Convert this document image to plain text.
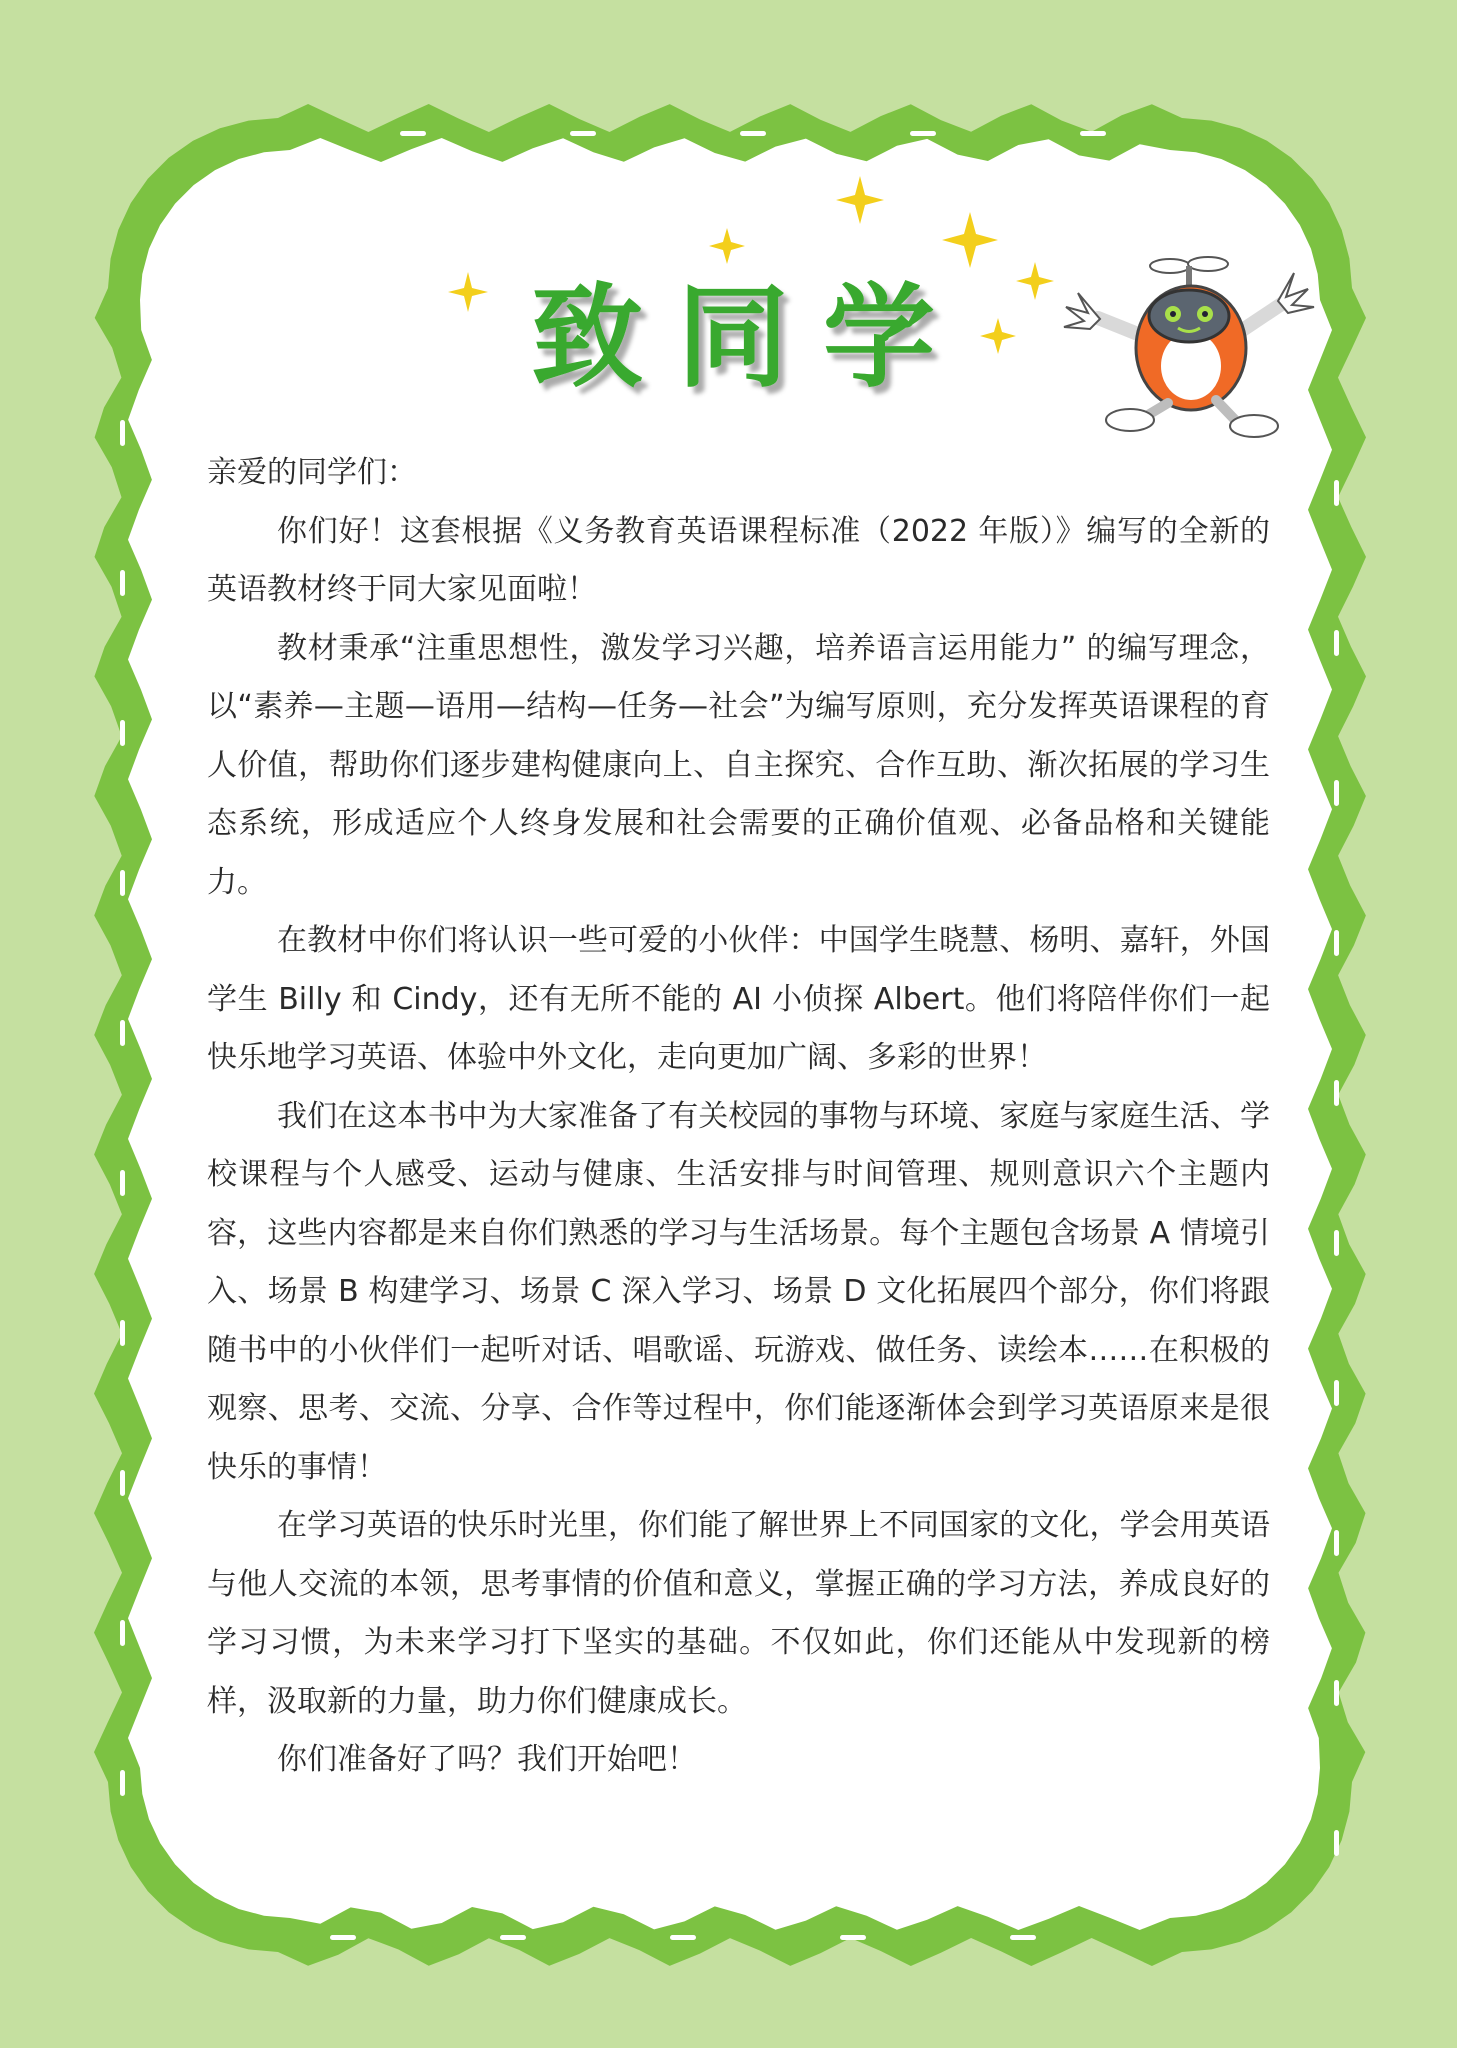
致同学

亲爱的同学们：

你们好！这套根据《义务教育英语课程标准（2022 年版）》编写的全新的英语教材终于同大家见面啦！

教材秉承“注重思想性，激发学习兴趣，培养语言运用能力” 的编写理念，以“素养—主题—语用—结构—任务—社会”为编写原则，充分发挥英语课程的育人价值，帮助你们逐步建构健康向上、自主探究、合作互助、渐次拓展的学习生态系统，形成适应个人终身发展和社会需要的正确价值观、必备品格和关键能力。

在教材中你们将认识一些可爱的小伙伴：中国学生晓慧、杨明、嘉轩，外国学生 Billy 和 Cindy，还有无所不能的 AI 小侦探 Albert。他们将陪伴你们一起快乐地学习英语、体验中外文化，走向更加广阔、多彩的世界！

我们在这本书中为大家准备了有关校园的事物与环境、家庭与家庭生活、学校课程与个人感受、运动与健康、生活安排与时间管理、规则意识六个主题内容，这些内容都是来自你们熟悉的学习与生活场景。每个主题包含场景 A 情境引入、场景 B 构建学习、场景 C 深入学习、场景 D 文化拓展四个部分，你们将跟随书中的小伙伴们一起听对话、唱歌谣、玩游戏、做任务、读绘本……在积极的观察、思考、交流、分享、合作等过程中，你们能逐渐体会到学习英语原来是很快乐的事情！

在学习英语的快乐时光里，你们能了解世界上不同国家的文化，学会用英语与他人交流的本领，思考事情的价值和意义，掌握正确的学习方法，养成良好的学习习惯，为未来学习打下坚实的基础。不仅如此，你们还能从中发现新的榜样，汲取新的力量，助力你们健康成长。

你们准备好了吗？我们开始吧！
